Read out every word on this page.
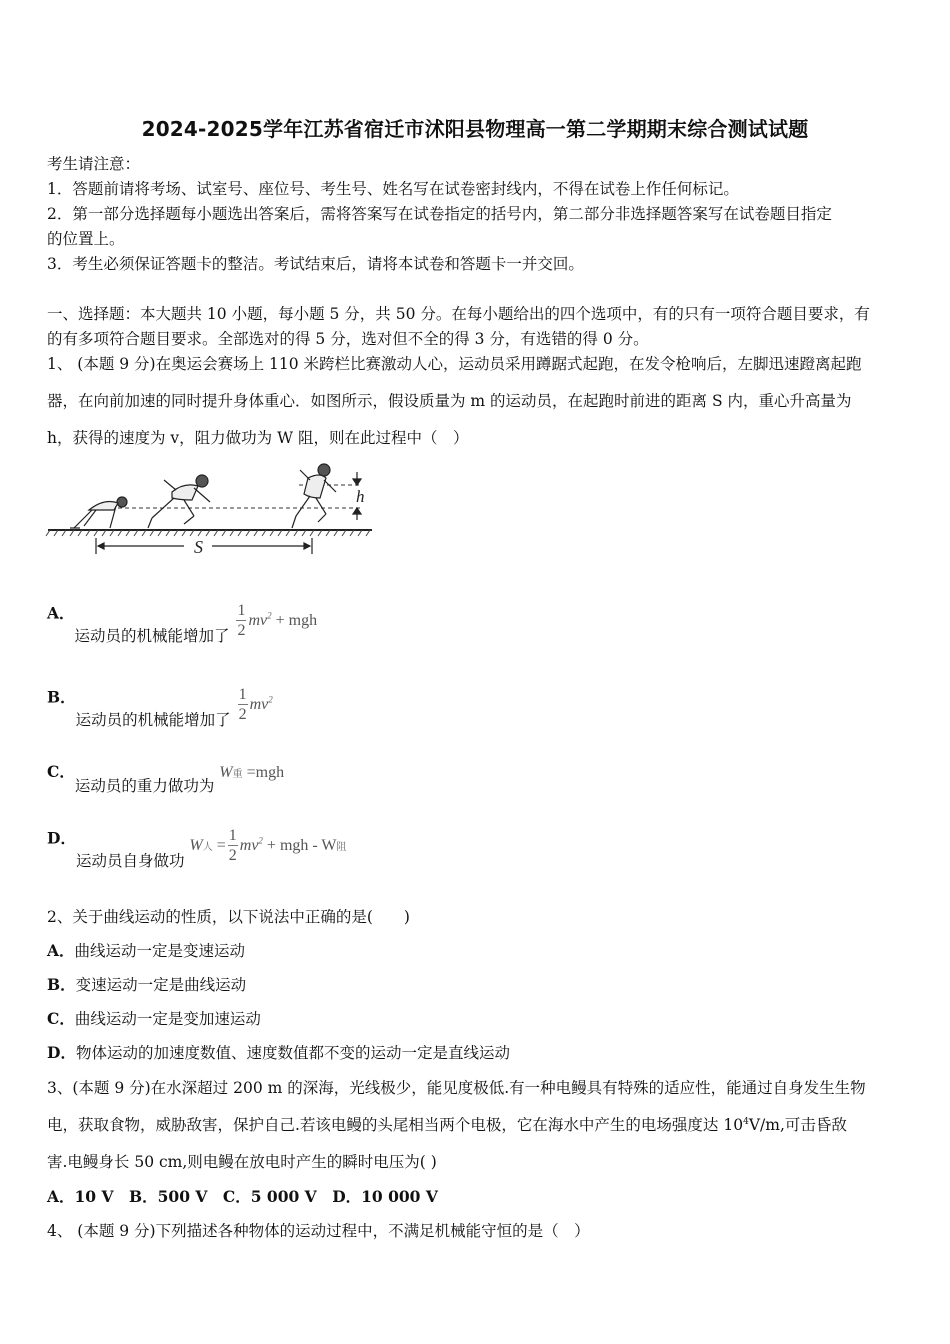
2024-2025学年江苏省宿迁市沭阳县物理高一第二学期期末综合测试试题
考生请注意：
1．答题前请将考场、试室号、座位号、考生号、姓名写在试卷密封线内，不得在试卷上作任何标记。
2．第一部分选择题每小题选出答案后，需将答案写在试卷指定的括号内，第二部分非选择题答案写在试卷题目指定
的位置上。
3．考生必须保证答题卡的整洁。考试结束后，请将本试卷和答题卡一并交回。
一、选择题：本大题共 10 小题，每小题 5 分，共 50 分。在每小题给出的四个选项中，有的只有一项符合题目要求，有
的有多项符合题目要求。全部选对的得 5 分，选对但不全的得 3 分，有选错的得 0 分。
1、 (本题 9 分)在奥运会赛场上 110 米跨栏比赛激动人心，运动员采用蹲踞式起跑，在发令枪响后，左脚迅速蹬离起跑
器，在向前加速的同时提升身体重心．如图所示，假设质量为 m 的运动员，在起跑时前进的距离 S 内，重心升高量为
h，获得的速度为 v，阻力做功为 W 阻，则在此过程中（　）
h
S
A．运动员的机械能增加了 $\frac{1}{2} mv^2$ + mgh
B．运动员的机械能增加了 $\frac{1}{2} mv^2$
C．运动员的重力做功为 W重 =mgh
D．运动员自身做功 W人 = $\frac{1}{2} mv^2$ + mgh - W阻
2、关于曲线运动的性质，以下说法中正确的是(　　)
A．曲线运动一定是变速运动
B．变速运动一定是曲线运动
C．曲线运动一定是变加速运动
D．物体运动的加速度数值、速度数值都不变的运动一定是直线运动
3、(本题 9 分)在水深超过 200 m 的深海，光线极少，能见度极低.有一种电鳗具有特殊的适应性，能通过自身发生生物
电，获取食物，威胁敌害，保护自己.若该电鳗的头尾相当两个电极，它在海水中产生的电场强度达 $10^4V/m$,可击昏敌
害.电鳗身长 50 cm,则电鳗在放电时产生的瞬时电压为( )
A．10 V　B．500 V　C．5 000 V　D．10 000 V
4、 (本题 9 分)下列描述各种物体的运动过程中，不满足机械能守恒的是（　）
